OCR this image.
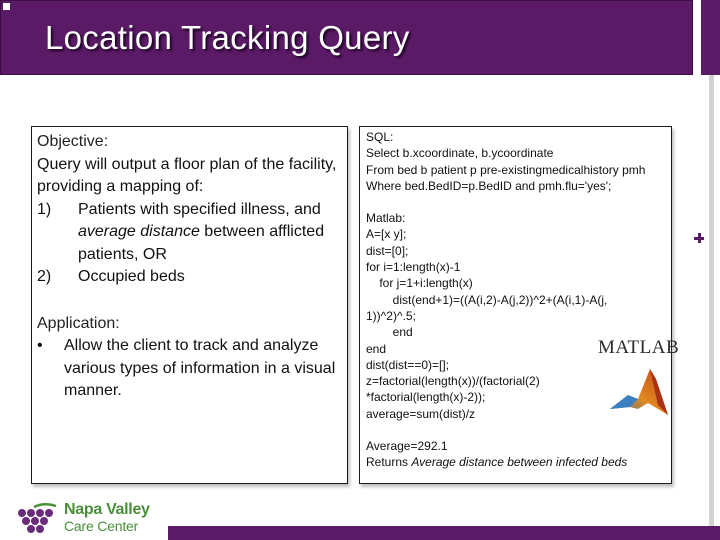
Location Tracking Query

Objective:

Query will output a floor plan of the facility, providing a mapping of:

1)	Patients with specified illness, and average distance between afflicted patients, OR
2)	Occupied beds

Application:

•	Allow the client to track and analyze various types of information in a visual manner.

SQL:

Select b.xcoordinate, b.ycoordinate

From bed b patient p pre-existingmedicalhistory pmh

Where bed.BedID=p.BedID and pmh.flu='yes';

Matlab:

A=[x y];

dist=[0];

for i=1:length(x)-1

for j=1+i:length(x)

dist(end+1)=((A(i,2)-A(j,2))^2+(A(i,1)-A(j,

1))^2)^.5;

end

end

dist(dist==0)=[];

z=factorial(length(x))/(factorial(2)

*factorial(length(x)-2));

average=sum(dist)/z

Average=292.1

Returns Average distance between infected beds

MATLAB
Napa Valley
Care Center
